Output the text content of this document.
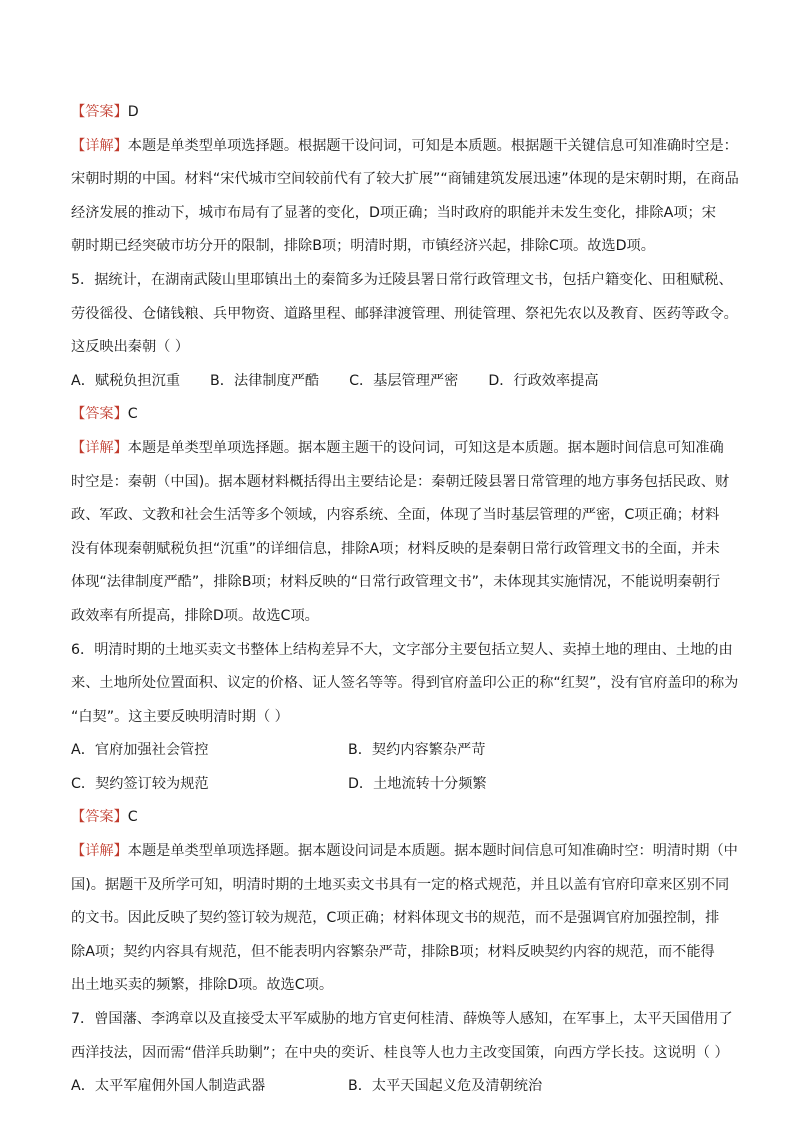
【答案】D
【详解】本题是单类型单项选择题。根据题干设问词，可知是本质题。根据题干关键信息可知准确时空是：
宋朝时期的中国。材料“宋代城市空间较前代有了较大扩展”“商铺建筑发展迅速”体现的是宋朝时期，在商品
经济发展的推动下，城市布局有了显著的变化，D项正确；当时政府的职能并未发生变化，排除A项；宋
朝时期已经突破市坊分开的限制，排除B项；明清时期，市镇经济兴起，排除C项。故选D项。
5．据统计，在湖南武陵山里耶镇出土的秦简多为迁陵县署日常行政管理文书，包括户籍变化、田租赋税、
劳役徭役、仓储钱粮、兵甲物资、道路里程、邮驿津渡管理、刑徒管理、祭祀先农以及教育、医药等政令。
这反映出秦朝（ ）
A．赋税负担沉重 B．法律制度严酷 C．基层管理严密 D．行政效率提高
【答案】C
【详解】本题是单类型单项选择题。据本题主题干的设问词，可知这是本质题。据本题时间信息可知准确
时空是：秦朝（中国)。据本题材料概括得出主要结论是：秦朝迁陵县署日常管理的地方事务包括民政、财
政、军政、文教和社会生活等多个领域，内容系统、全面，体现了当时基层管理的严密，C项正确；材料
没有体现秦朝赋税负担“沉重”的详细信息，排除A项；材料反映的是秦朝日常行政管理文书的全面，并未
体现“法律制度严酷”，排除B项；材料反映的“日常行政管理文书”，未体现其实施情况，不能说明秦朝行
政效率有所提高，排除D项。故选C项。
6．明清时期的土地买卖文书整体上结构差异不大，文字部分主要包括立契人、卖掉土地的理由、土地的由
来、土地所处位置面积、议定的价格、证人签名等等。得到官府盖印公正的称“红契”，没有官府盖印的称为
“白契”。这主要反映明清时期（ ）
A．官府加强社会管控	B．契约内容繁杂严苛
C．契约签订较为规范	D．土地流转十分频繁
【答案】C
【详解】本题是单类型单项选择题。据本题设问词是本质题。据本题时间信息可知准确时空：明清时期（中
国)。据题干及所学可知，明清时期的土地买卖文书具有一定的格式规范，并且以盖有官府印章来区别不同
的文书。因此反映了契约签订较为规范，C项正确；材料体现文书的规范，而不是强调官府加强控制，排
除A项；契约内容具有规范，但不能表明内容繁杂严苛，排除B项；材料反映契约内容的规范，而不能得
出土地买卖的频繁，排除D项。故选C项。
7．曾国藩、李鸿章以及直接受太平军威胁的地方官吏何桂清、薛焕等人感知，在军事上，太平天国借用了
西洋技法，因而需“借洋兵助剿”；在中央的奕䜣、桂良等人也力主改变国策，向西方学长技。这说明（ ）
A．太平军雇佣外国人制造武器	B．太平天国起义危及清朝统治
